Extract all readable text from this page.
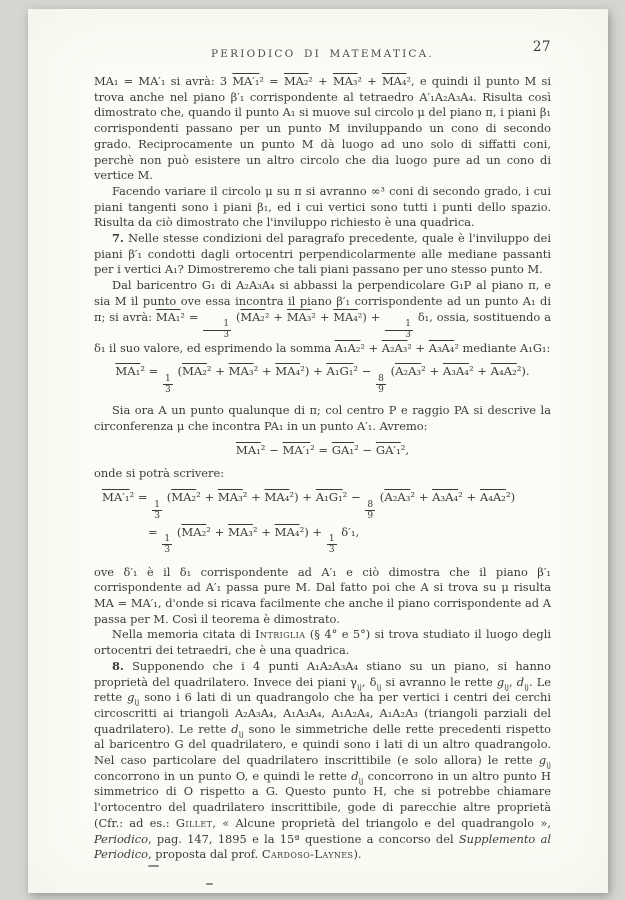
PERIODICO DI MATEMATICA.	27
MA₁ = MA′₁ si avrà: 3 MA′₁² = MA₂² + MA₃² + MA₄², e quindi il punto M si trova anche nel piano β′₁ corrispondente al tetraedro A′₁A₂A₃A₄. Risulta così dimostrato che, quando il punto A₁ si muove sul circolo μ del piano π, i piani β₁ corrispondenti passano per un punto M inviluppando un cono di secondo grado. Reciprocamente un punto M dà luogo ad uno solo di siffatti coni, perchè non può esistere un altro circolo che dia luogo pure ad un cono di vertice M.
Facendo variare il circolo μ su π si avranno ∞³ coni di secondo grado, i cui piani tangenti sono i piani β₁, ed i cui vertici sono tutti i punti dello spazio. Risulta da ciò dimostrato che l'inviluppo richiesto è una quadrica.
7. Nelle stesse condizioni del paragrafo precedente, quale è l'inviluppo dei piani β′₁ condotti dagli ortocentri perpendicolarmente alle mediane passanti per i vertici A₁? Dimostreremo che tali piani passano per uno stesso punto M.
Dal baricentro G₁ di A₂A₃A₄ si abbassi la perpendicolare G₁P al piano π, e sia M il punto ove essa incontra il piano β′₁ corrispondente ad un punto A₁ di π; si avrà: MA₁² =
$\frac{1}{3}$
(MA₂² + MA₃² + MA₄²) +
$\frac{1}{3}$
δ₁, ossia, sostituendo a δ₁ il suo valore, ed esprimendo la somma A₁A₂² + A₂A₃² + A₃A₄² mediante A₁G₁:
MA₁² =
$\frac{1}{3}$
(MA₂² + MA₃² + MA₄²) + A₁G₁² −
$\frac{8}{9}$
(A₂A₃² + A₃A₄² + A₄A₂²).
Sia ora A un punto qualunque di π; col centro P e raggio PA si descrive la circonferenza μ che incontra PA₁ in un punto A′₁. Avremo:
MA₁² − MA′₁² = GA₁² − GA′₁²,
onde si potrà scrivere:
MA′₁² =
$\frac{1}{3}$
(MA₂² + MA₃² + MA₄²) + A₁G₁² −
$\frac{8}{9}$
(A₂A₃² + A₃A₄² + A₄A₂²)
=
$\frac{1}{3}$
(MA₂² + MA₃² + MA₄²) +
$\frac{1}{3}$
δ′₁,
ove δ′₁ è il δ₁ corrispondente ad A′₁ e ciò dimostra che il piano β′₁ corrispondente ad A′₁ passa pure M. Dal fatto poi che A si trova su μ risulta MA = MA′₁, d'onde si ricava facilmente che anche il piano corrispondente ad A passa per M. Così il teorema è dimostrato.
Nella memoria citata di Intriglia (§ 4° e 5°) si trova studiato il luogo degli ortocentri dei tetraedri, che è una quadrica.
8. Supponendo che i 4 punti A₁A₂A₃A₄ stiano su un piano, si hanno proprietà del quadrilatero. Invece dei piani $\gamma_{ij}$, $\delta_{ij}$ si avranno le rette $g_{ij}$, $d_{ij}$. Le rette $g_{ij}$ sono i 6 lati di un quadrangolo che ha per vertici i centri dei cerchi circoscritti ai triangoli A₂A₃A₄, A₁A₃A₄, A₁A₂A₄, A₁A₂A₃ (triangoli parziali del quadrilatero). Le rette $d_{ij}$ sono le simmetriche delle rette precedenti rispetto al baricentro G del quadrilatero, e quindi sono i lati di un altro quadrangolo. Nel caso particolare del quadrilatero inscrittibile (e solo allora) le rette $g_{ij}$ concorrono in un punto O, e quindi le rette $d_{ij}$ concorrono in un altro punto H simmetrico di O rispetto a G. Questo punto H, che si potrebbe chiamare l'ortocentro del quadrilatero inscrittibile, gode di parecchie altre proprietà (Cfr.: ad es.: Gillet, « Alcune proprietà del triangolo e del quadrangolo », Periodico, pag. 147, 1895 e la 15ª questione a concorso del Supplemento al Periodico, proposta dal prof. Cardoso-Laynes).
